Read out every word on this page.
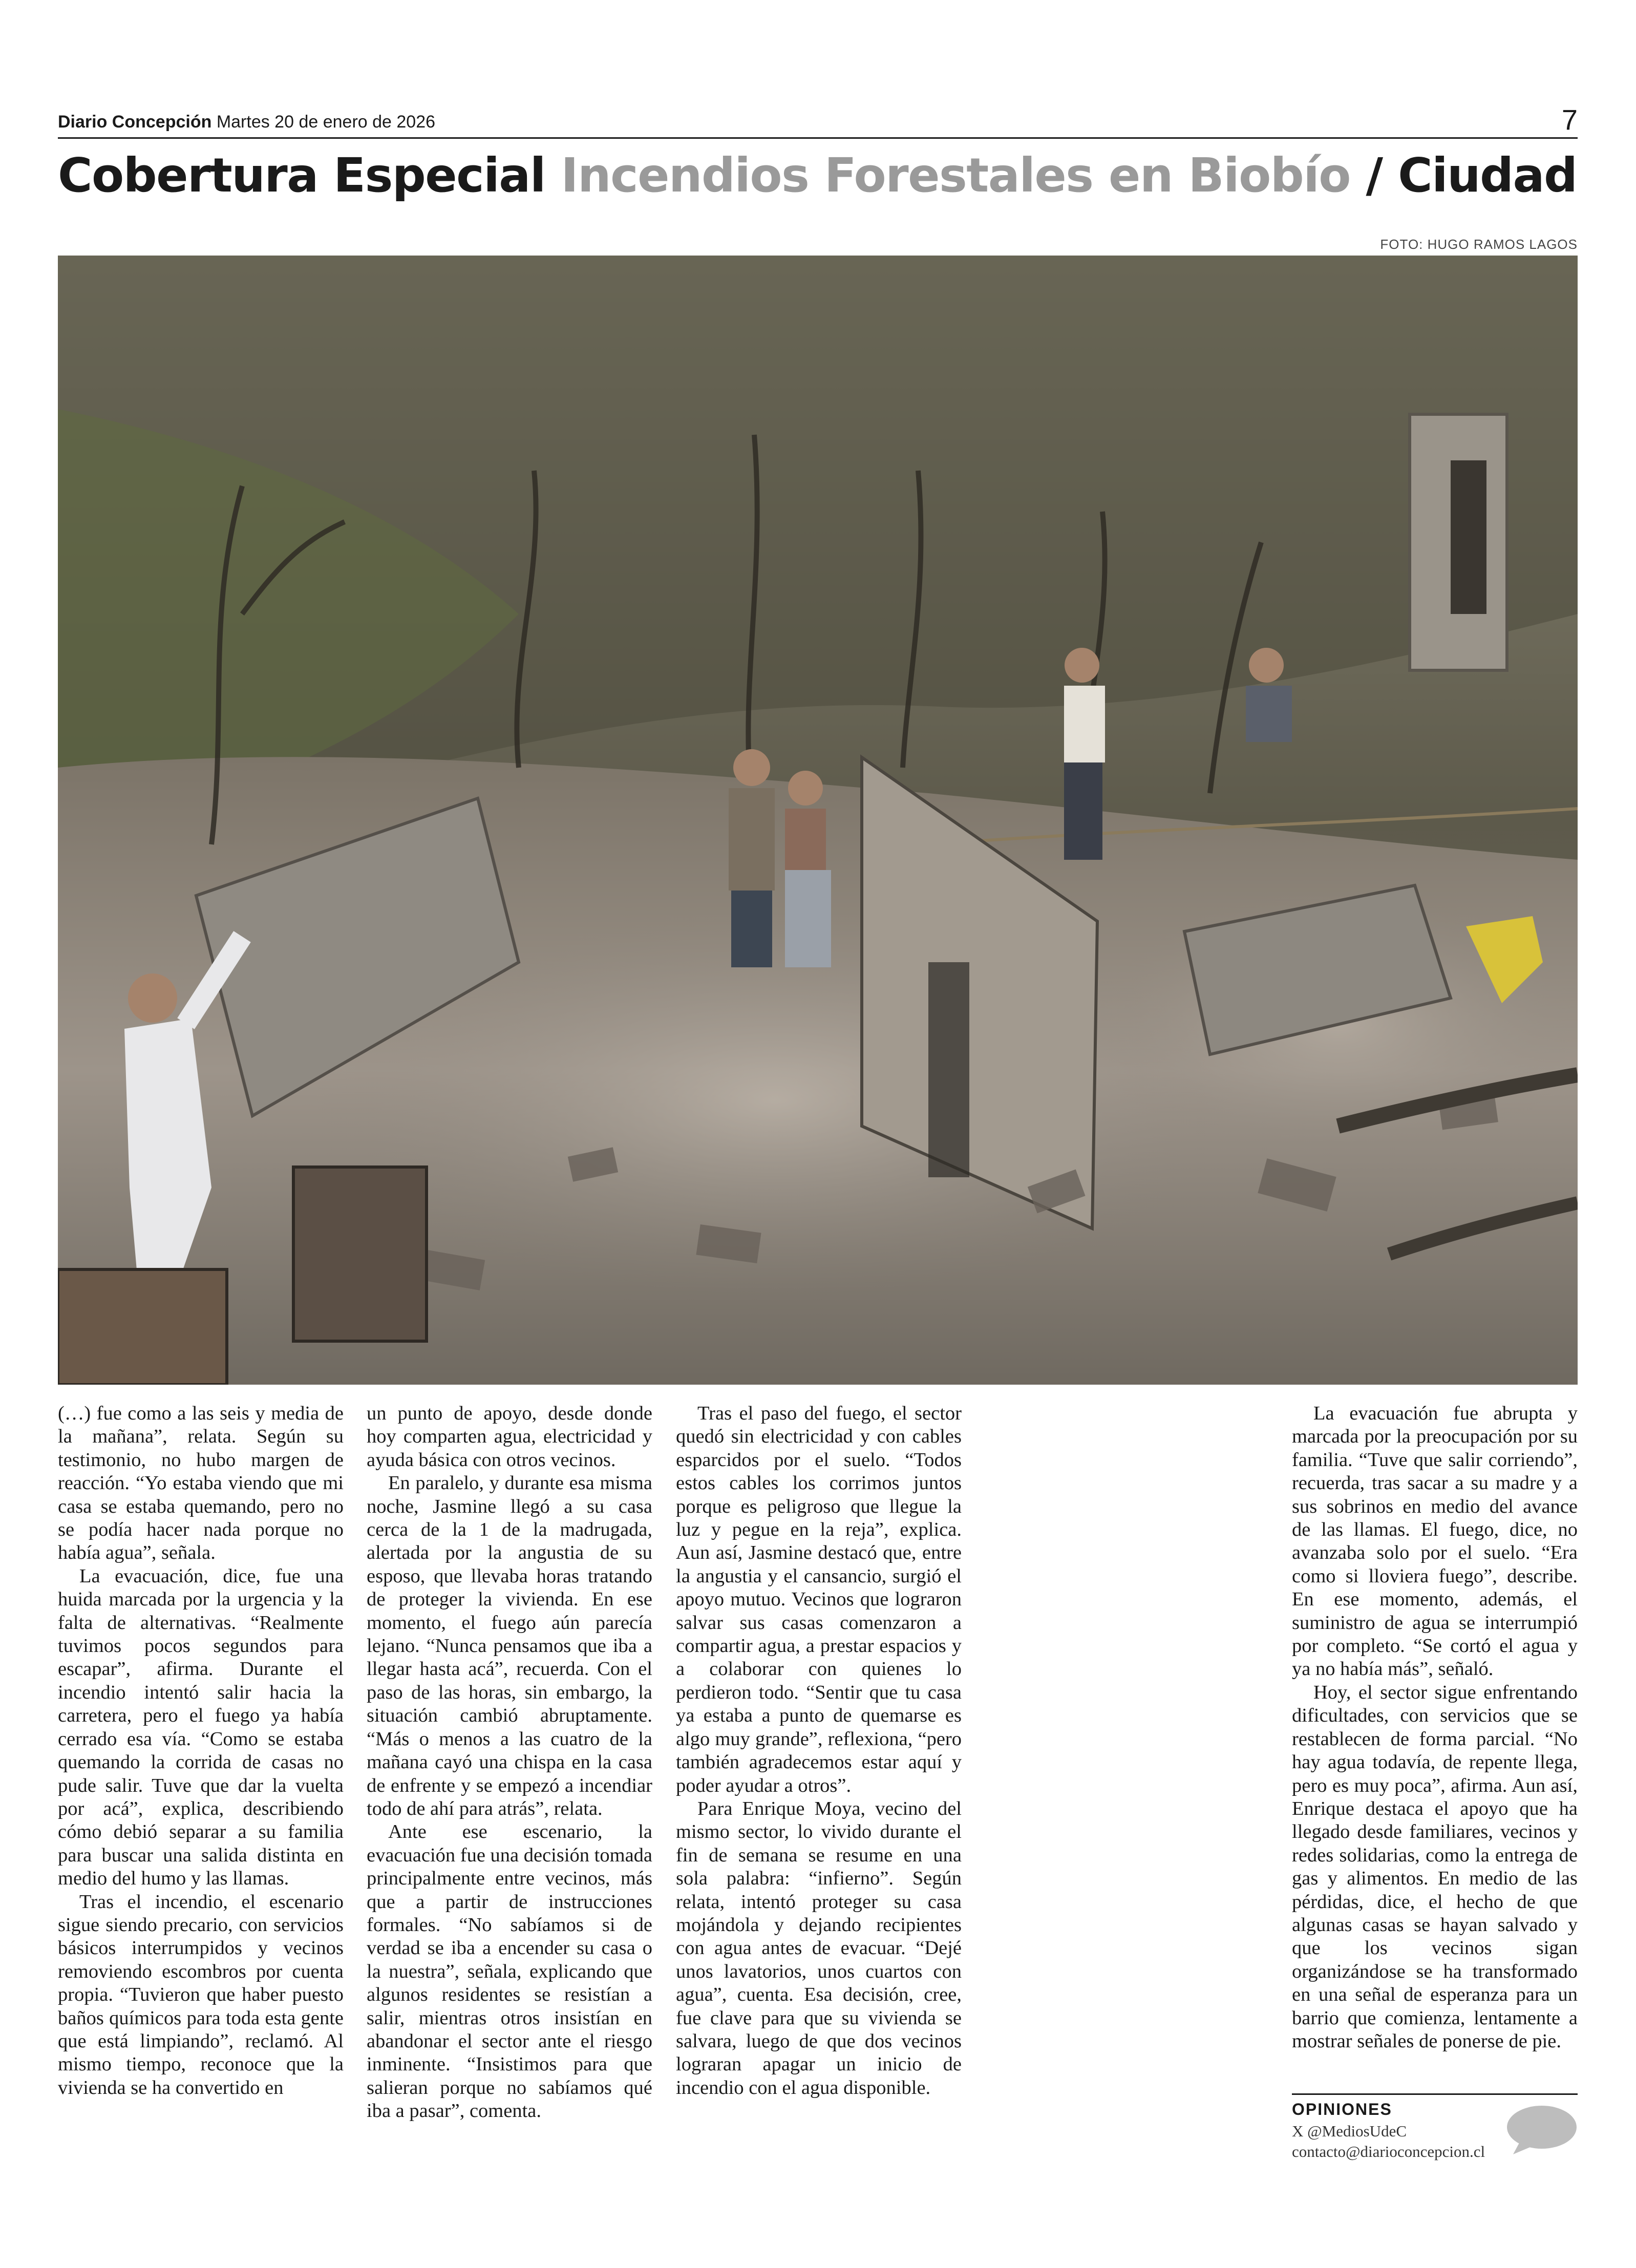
Diario Concepción Martes 20 de enero de 2026	7
Cobertura Especial Incendios Forestales en Biobío / Ciudad
FOTO: HUGO RAMOS LAGOS

(…) fue como a las seis y media de la mañana”, relata. Según su testimonio, no hubo margen de reacción. “Yo estaba viendo que mi casa se estaba quemando, pero no se podía hacer nada porque no había agua”, señala.

La evacuación, dice, fue una huida marcada por la urgencia y la falta de alternativas. “Realmente tuvimos pocos segundos para escapar”, afirma. Durante el incendio intentó salir hacia la carretera, pero el fuego ya había cerrado esa vía. “Como se estaba quemando la corrida de casas no pude salir. Tuve que dar la vuelta por acá”, explica, describiendo cómo debió separar a su familia para buscar una salida distinta en medio del humo y las llamas.

Tras el incendio, el escenario sigue siendo precario, con servicios básicos interrumpidos y vecinos removiendo escombros por cuenta propia. “Tuvieron que haber puesto baños químicos para toda esta gente que está limpiando”, reclamó. Al mismo tiempo, reconoce que la vivienda se ha convertido en

un punto de apoyo, desde donde hoy comparten agua, electricidad y ayuda básica con otros vecinos.

En paralelo, y durante esa misma noche, Jasmine llegó a su casa cerca de la 1 de la madrugada, alertada por la angustia de su esposo, que llevaba horas tratando de proteger la vivienda. En ese momento, el fuego aún parecía lejano. “Nunca pensamos que iba a llegar hasta acá”, recuerda. Con el paso de las horas, sin embargo, la situación cambió abruptamente. “Más o menos a las cuatro de la mañana cayó una chispa en la casa de enfrente y se empezó a incendiar todo de ahí para atrás”, relata.

Ante ese escenario, la evacuación fue una decisión tomada principalmente entre vecinos, más que a partir de instrucciones formales. “No sabíamos si de verdad se iba a encender su casa o la nuestra”, señala, explicando que algunos residentes se resistían a salir, mientras otros insistían en abandonar el sector ante el riesgo inminente. “Insistimos para que salieran porque no sabíamos qué iba a pasar”, comenta.

Tras el paso del fuego, el sector quedó sin electricidad y con cables esparcidos por el suelo. “Todos estos cables los corrimos juntos porque es peligroso que llegue la luz y pegue en la reja”, explica. Aun así, Jasmine destacó que, entre la angustia y el cansancio, surgió el apoyo mutuo. Vecinos que lograron salvar sus casas comenzaron a compartir agua, a prestar espacios y a colaborar con quienes lo perdieron todo. “Sentir que tu casa ya estaba a punto de quemarse es algo muy grande”, reflexiona, “pero también agradecemos estar aquí y poder ayudar a otros”.

Para Enrique Moya, vecino del mismo sector, lo vivido durante el fin de semana se resume en una sola palabra: “infierno”. Según relata, intentó proteger su casa mojándola y dejando recipientes con agua antes de evacuar. “Dejé unos lavatorios, unos cuartos con agua”, cuenta. Esa decisión, cree, fue clave para que su vivienda se salvara, luego de que dos vecinos lograran apagar un inicio de incendio con el agua disponible.

La evacuación fue abrupta y marcada por la preocupación por su familia. “Tuve que salir corriendo”, recuerda, tras sacar a su madre y a sus sobrinos en medio del avance de las llamas. El fuego, dice, no avanzaba solo por el suelo. “Era como si lloviera fuego”, describe. En ese momento, además, el suministro de agua se interrumpió por completo. “Se cortó el agua y ya no había más”, señaló.

Hoy, el sector sigue enfrentando dificultades, con servicios que se restablecen de forma parcial. “No hay agua todavía, de repente llega, pero es muy poca”, afirma. Aun así, Enrique destaca el apoyo que ha llegado desde familiares, vecinos y redes solidarias, como la entrega de gas y alimentos. En medio de las pérdidas, dice, el hecho de que algunas casas se hayan salvado y que los vecinos sigan organizándose se ha transformado en una señal de esperanza para un barrio que comienza, lentamente a mostrar señales de ponerse de pie.

OPINIONES
X @MediosUdeC
contacto@diarioconcepcion.cl
